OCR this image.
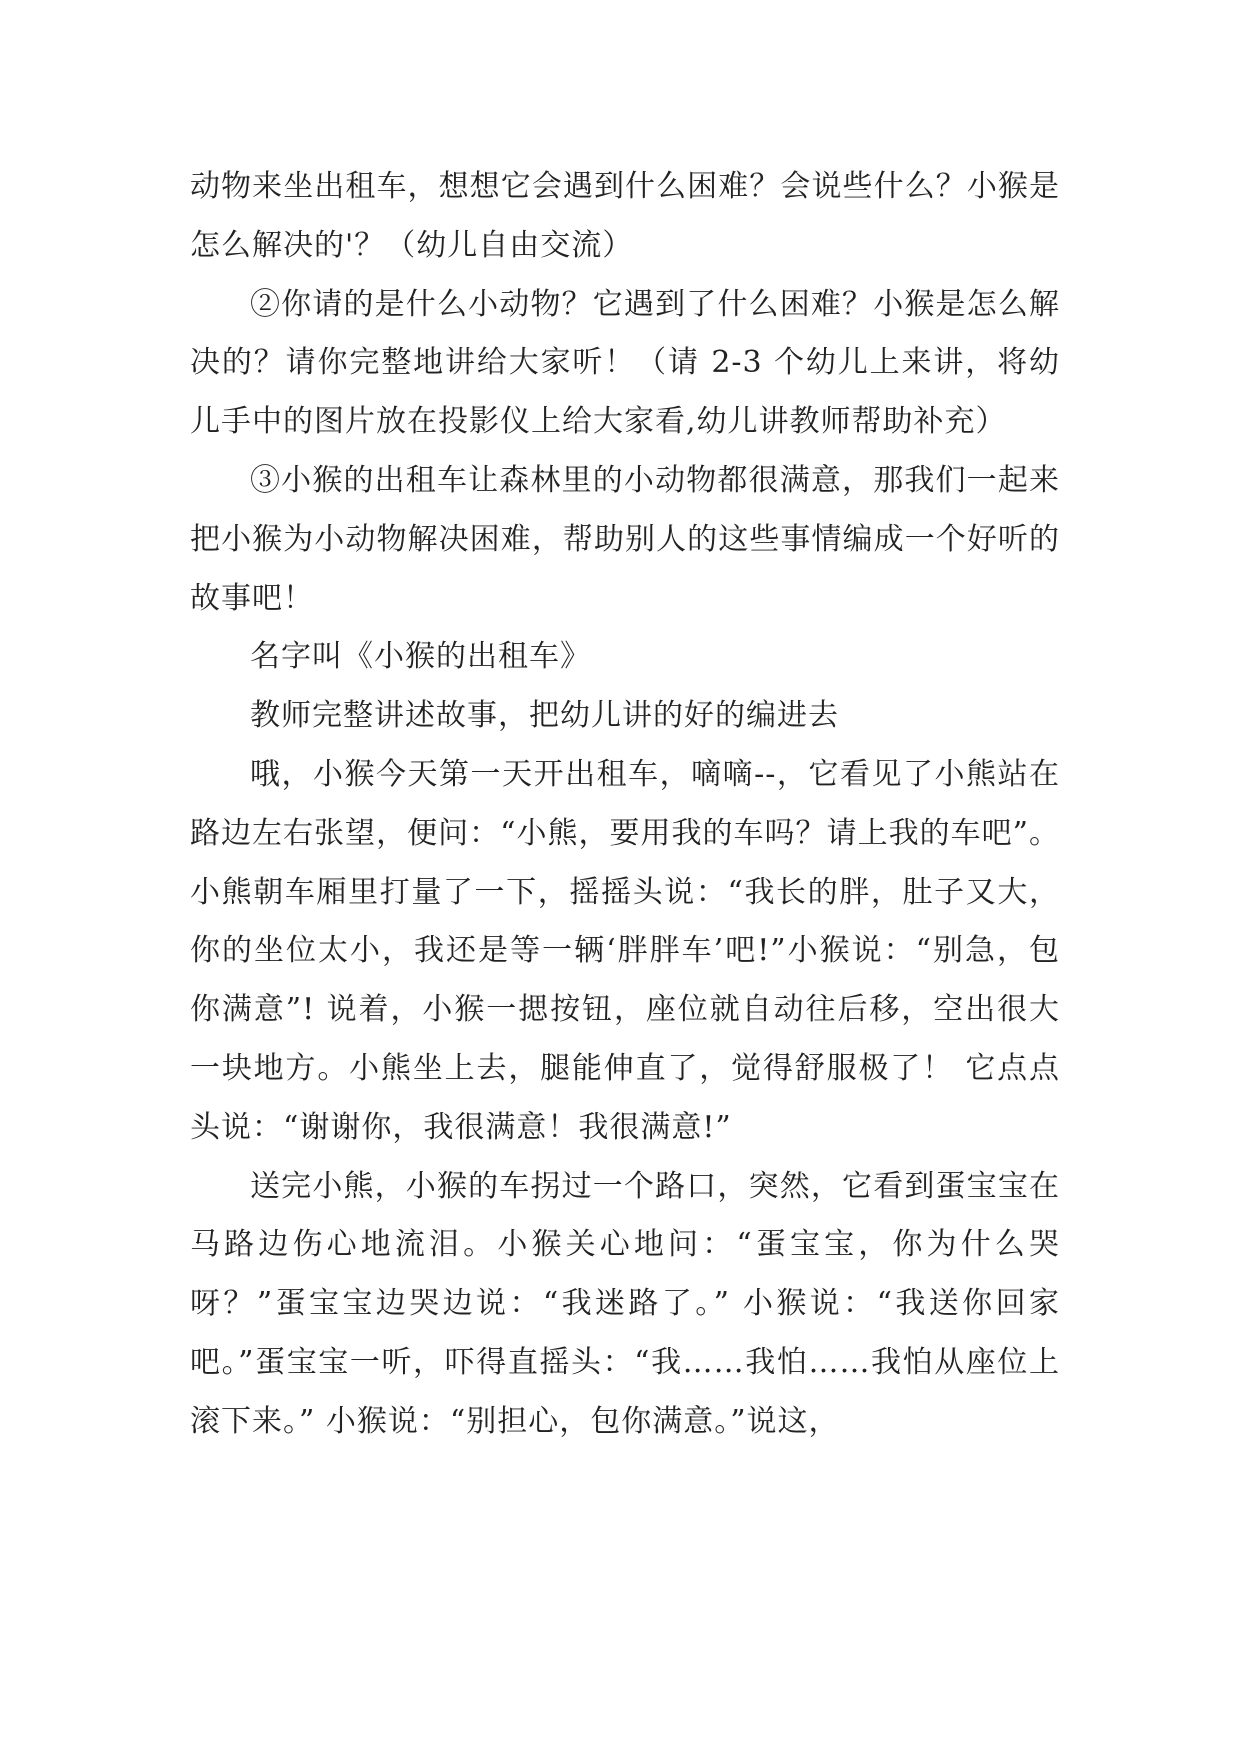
动物来坐出租车，想想它会遇到什么困难？会说些什么？小猴是怎么解决的'？（幼儿自由交流）

②你请的是什么小动物？它遇到了什么困难？小猴是怎么解决的？请你完整地讲给大家听！（请 2-3 个幼儿上来讲，将幼儿手中的图片放在投影仪上给大家看,幼儿讲教师帮助补充）

③小猴的出租车让森林里的小动物都很满意，那我们一起来把小猴为小动物解决困难，帮助别人的这些事情编成一个好听的故事吧！

名字叫《小猴的出租车》

教师完整讲述故事，把幼儿讲的好的编进去

哦，小猴今天第一天开出租车，嘀嘀--，它看见了小熊站在路边左右张望，便问：“小熊，要用我的车吗？请上我的车吧”。小熊朝车厢里打量了一下，摇摇头说：“我长的胖，肚子又大，你的坐位太小，我还是等一辆‘胖胖车’吧!”小猴说：“别急，包你满意”! 说着，小猴一揌按钮，座位就自动往后移，空出很大一块地方。小熊坐上去，腿能伸直了，觉得舒服极了！ 它点点头说：“谢谢你，我很满意！我很满意!”

送完小熊，小猴的车拐过一个路口，突然，它看到蛋宝宝在马路边伤心地流泪。小猴关心地问：“蛋宝宝，你为什么哭呀？”蛋宝宝边哭边说：“我迷路了。” 小猴说：“我送你回家吧。”蛋宝宝一听，吓得直摇头：“我……我怕……我怕从座位上滚下来。” 小猴说：“别担心，包你满意。”说这，
